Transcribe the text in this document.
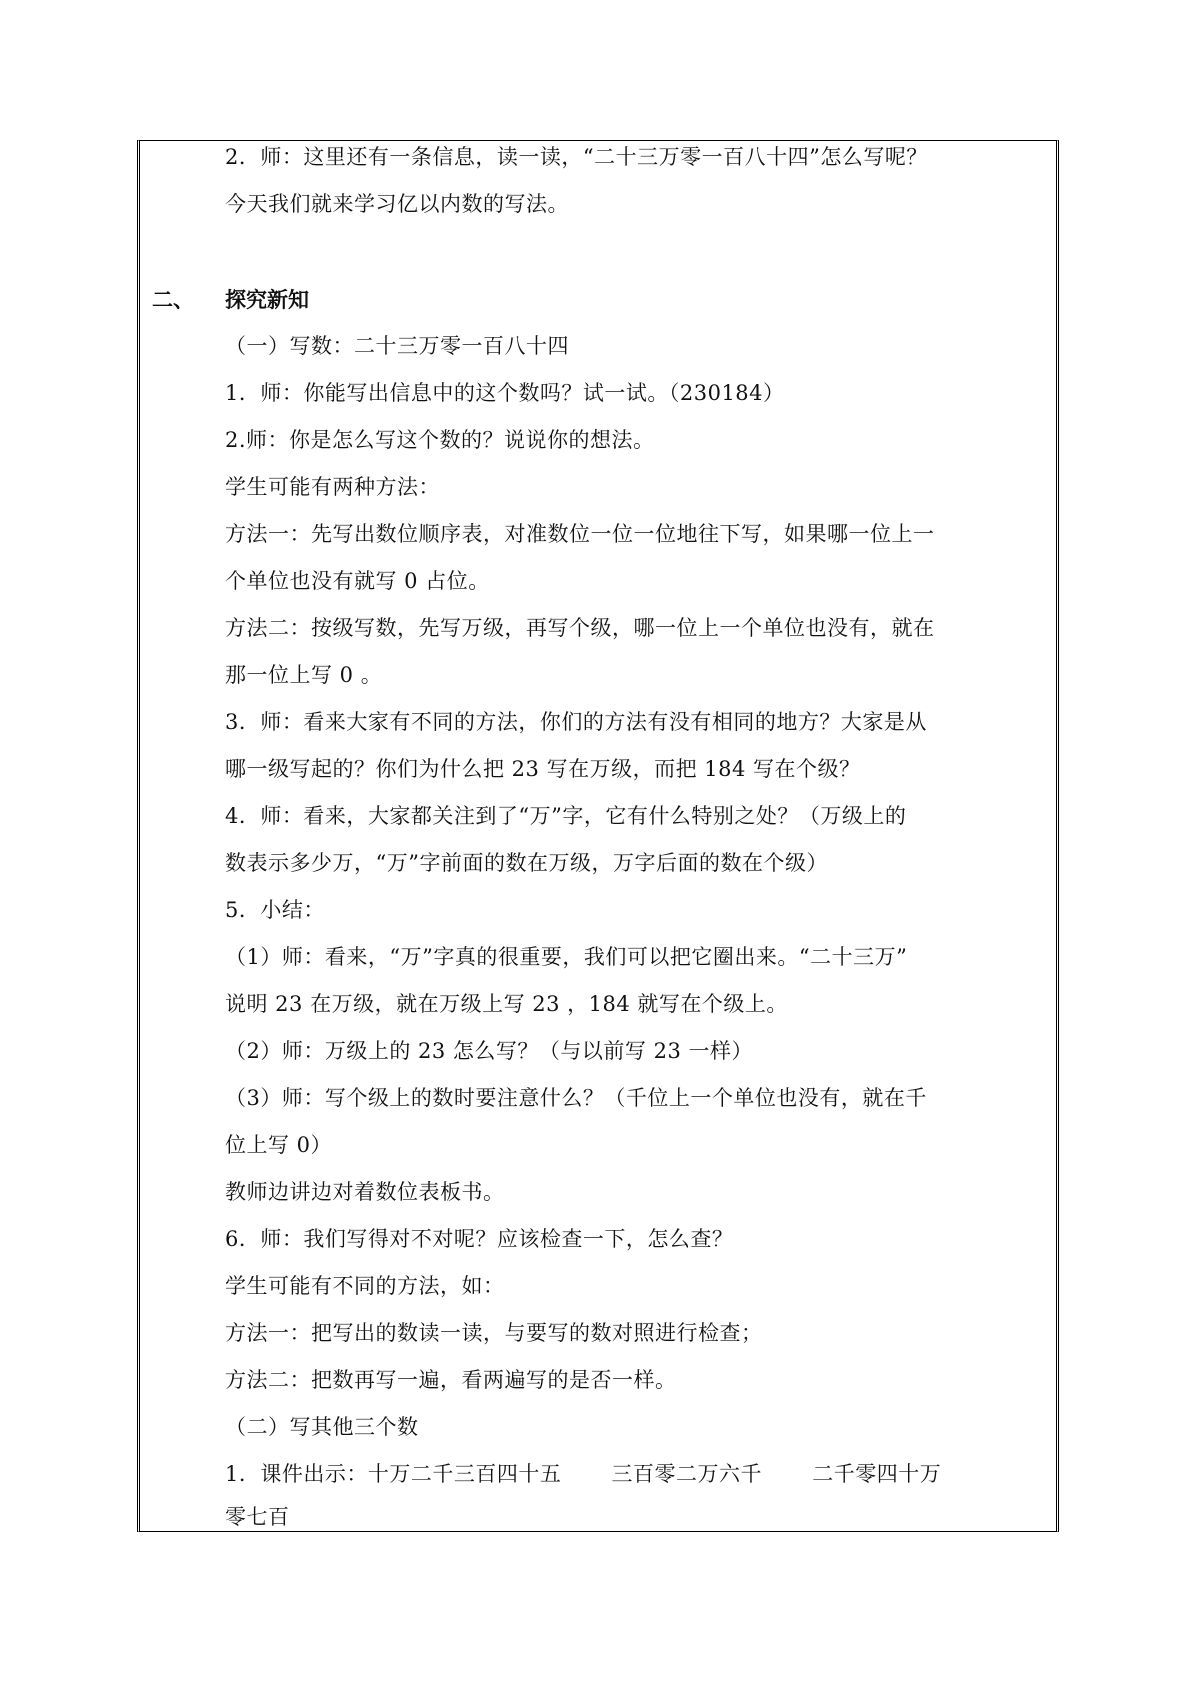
2．师：这里还有一条信息，读一读，“二十三万零一百八十四”怎么写呢？
今天我们就来学习亿以内数的写法。
二、 探究新知
（一）写数：二十三万零一百八十四
1．师：你能写出信息中的这个数吗？试一试。（230184）
2.师：你是怎么写这个数的？说说你的想法。
学生可能有两种方法：
方法一：先写出数位顺序表，对准数位一位一位地往下写，如果哪一位上一
个单位也没有就写 0 占位。
方法二：按级写数，先写万级，再写个级，哪一位上一个单位也没有，就在
那一位上写 0 。
3．师：看来大家有不同的方法，你们的方法有没有相同的地方？大家是从
哪一级写起的？你们为什么把 23 写在万级，而把 184 写在个级？
4．师：看来，大家都关注到了“万”字，它有什么特别之处？（万级上的
数表示多少万，“万”字前面的数在万级，万字后面的数在个级）
5．小结：
（1）师：看来，“万”字真的很重要，我们可以把它圈出来。“二十三万”
说明 23 在万级，就在万级上写 23 ，184 就写在个级上。
（2）师：万级上的 23 怎么写？（与以前写 23 一样）
（3）师：写个级上的数时要注意什么？（千位上一个单位也没有，就在千
位上写 0）
教师边讲边对着数位表板书。
6．师：我们写得对不对呢？应该检查一下，怎么查？
学生可能有不同的方法，如：
方法一：把写出的数读一读，与要写的数对照进行检查；
方法二：把数再写一遍，看两遍写的是否一样。
（二）写其他三个数
1．课件出示：十万二千三百四十五　　 三百零二万六千　　 二千零四十万
零七百
